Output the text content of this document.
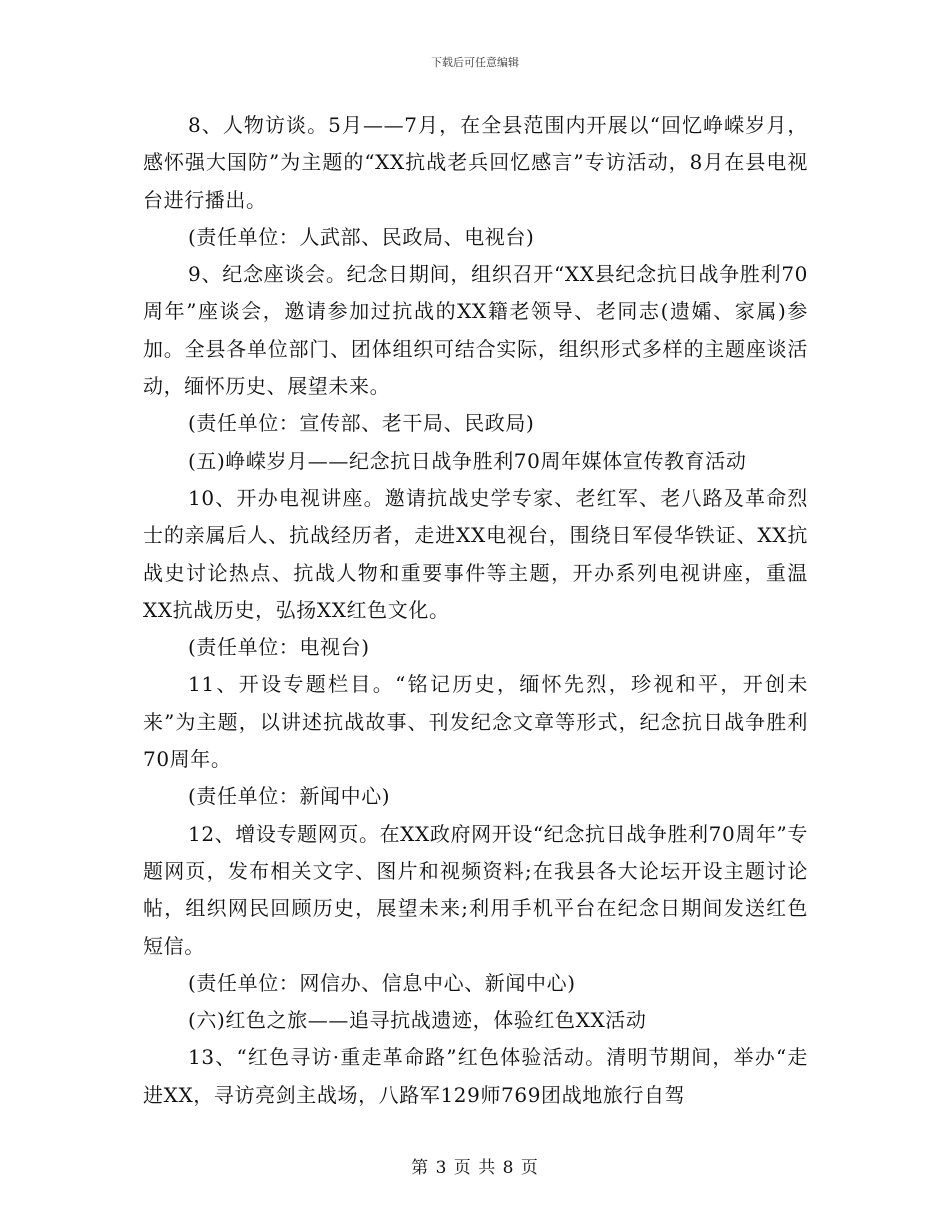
下载后可任意编辑

8、人物访谈。5月——7月，在全县范围内开展以“回忆峥嵘岁月，感怀强大国防”为主题的“XX抗战老兵回忆感言”专访活动，8月在县电视台进行播出。

(责任单位：人武部、民政局、电视台)

9、纪念座谈会。纪念日期间，组织召开“XX县纪念抗日战争胜利70周年”座谈会，邀请参加过抗战的XX籍老领导、老同志(遗孀、家属)参加。全县各单位部门、团体组织可结合实际，组织形式多样的主题座谈活动，缅怀历史、展望未来。

(责任单位：宣传部、老干局、民政局)

(五)峥嵘岁月——纪念抗日战争胜利70周年媒体宣传教育活动

10、开办电视讲座。邀请抗战史学专家、老红军、老八路及革命烈士的亲属后人、抗战经历者，走进XX电视台，围绕日军侵华铁证、XX抗战史讨论热点、抗战人物和重要事件等主题，开办系列电视讲座，重温XX抗战历史，弘扬XX红色文化。

(责任单位：电视台)

11、开设专题栏目。“铭记历史，缅怀先烈，珍视和平，开创未来”为主题，以讲述抗战故事、刊发纪念文章等形式，纪念抗日战争胜利70周年。

(责任单位：新闻中心)

12、增设专题网页。在XX政府网开设“纪念抗日战争胜利70周年”专题网页，发布相关文字、图片和视频资料;在我县各大论坛开设主题讨论帖，组织网民回顾历史，展望未来;利用手机平台在纪念日期间发送红色短信。

(责任单位：网信办、信息中心、新闻中心)

(六)红色之旅——追寻抗战遗迹，体验红色XX活动

13、“红色寻访·重走革命路”红色体验活动。清明节期间，举办“走进XX，寻访亮剑主战场，八路军129师769团战地旅行自驾

第 3 页 共 8 页
